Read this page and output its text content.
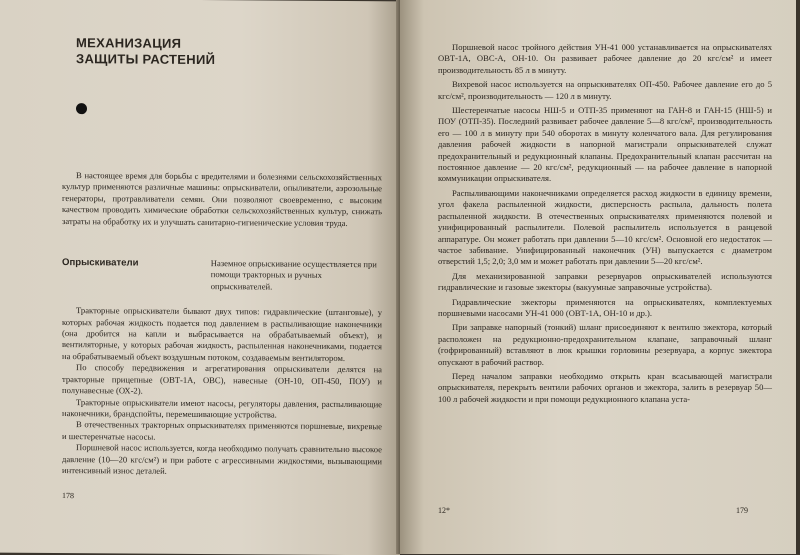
МЕХАНИЗАЦИЯ
ЗАЩИТЫ РАСТЕНИЙ

В настоящее время для борьбы с вредителями и болезнями сельскохозяйственных культур применяются различные машины: опрыскиватели, опыливатели, аэрозольные генераторы, протравливатели семян. Они позволяют своевременно, с высоким качеством проводить химические обработки сельскохозяйственных культур, снижать затраты на обработку их и улучшать санитарно-гигиенические условия труда.

Опрыскиватели	Наземное опрыскивание осуществляется при помощи тракторных и ручных опрыскивателей.

Тракторные опрыскиватели бывают двух типов: гидравлические (штанговые), у которых рабочая жидкость подается под давлением в распыливающие наконечники (она дробится на капли и выбрасывается на обрабатываемый объект), и вентиляторные, у которых рабочая жидкость, распыленная наконечниками, подается на обрабатываемый объект воздушным потоком, создаваемым вентилятором.

По способу передвижения и агрегатирования опрыскиватели делятся на тракторные прицепные (ОВТ-1А, ОВС), навесные (ОН-10, ОП-450, ПОУ) и полунавесные (ОХ-2).

Тракторные опрыскиватели имеют насосы, регуляторы давления, распыливающие наконечники, брандспойты, перемешивающие устройства.

В отечественных тракторных опрыскивателях применяются поршневые, вихревые и шестеренчатые насосы.

Поршневой насос используется, когда необходимо получать сравнительно высокое давление (10—20 кгс/см²) и при работе с агрессивными жидкостями, вызывающими интенсивный износ деталей.

178

Поршневой насос тройного действия УН-41 000 устанавливается на опрыскивателях ОВТ-1А, ОВС-А, ОН-10. Он развивает рабочее давление до 20 кгс/см² и имеет производительность 85 л в минуту.

Вихревой насос используется на опрыскивателях ОП-450. Рабочее давление его до 5 кгс/см², производительность — 120 л в минуту.

Шестеренчатые насосы НШ-5 и ОТП-35 применяют на ГАН-8 и ГАН-15 (НШ-5) и ПОУ (ОТП-35). Последний развивает рабочее давление 5—8 кгс/см², производительность его — 100 л в минуту при 540 оборотах в минуту коленчатого вала. Для регулирования давления рабочей жидкости в напорной магистрали опрыскивателей служат предохранительный и редукционный клапаны. Предохранительный клапан рассчитан на постоянное давление — 20 кгс/см², редукционный — на рабочее давление в напорной коммуникации опрыскивателя.

Распыливающими наконечниками определяется расход жидкости в единицу времени, угол факела распыленной жидкости, дисперсность распыла, дальность полета распыленной жидкости. В отечественных опрыскивателях применяются полевой и унифицированный распылители. Полевой распылитель используется в ранцевой аппаратуре. Он может работать при давлении 5—10 кгс/см². Основной его недостаток — частое забивание. Унифицированный наконечник (УН) выпускается с диаметром отверстий 1,5; 2,0; 3,0 мм и может работать при давлении 5—20 кгс/см².

Для механизированной заправки резервуаров опрыскивателей используются гидравлические и газовые эжекторы (вакуумные заправочные устройства).

Гидравлические эжекторы применяются на опрыскивателях, комплектуемых поршневыми насосами УН-41 000 (ОВТ-1А, ОН-10 и др.).

При заправке напорный (тонкий) шланг присоединяют к вентилю эжектора, который расположен на редукционно-предохранительном клапане, заправочный шланг (гофрированный) вставляют в люк крышки горловины резервуара, а корпус эжектора опускают в рабочий раствор.

Перед началом заправки необходимо открыть кран всасывающей магистрали опрыскивателя, перекрыть вентили рабочих органов и эжектора, залить в резервуар 50—100 л рабочей жидкости и при помощи редукционного клапана уста-

12*	179
